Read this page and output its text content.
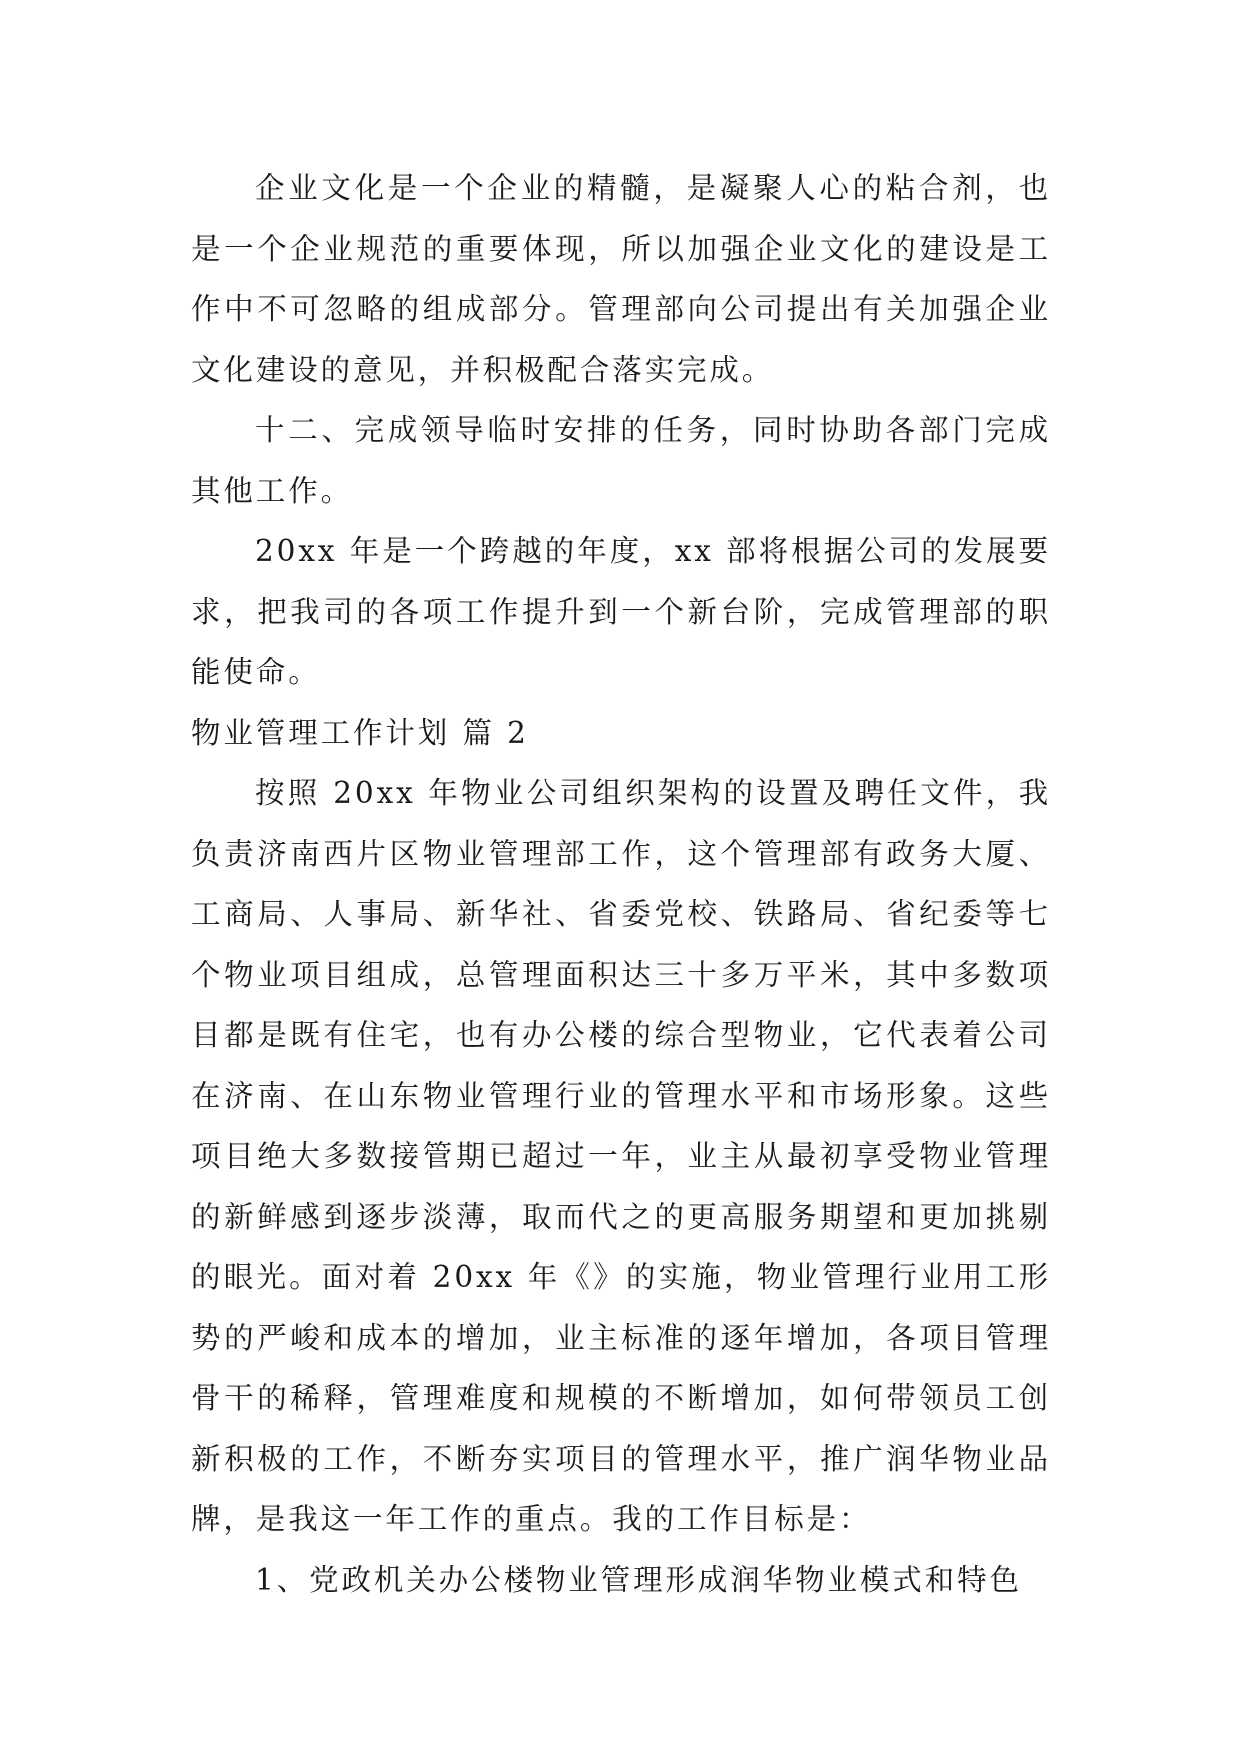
企业文化是一个企业的精髓，是凝聚人心的粘合剂，也是一个企业规范的重要体现，所以加强企业文化的建设是工作中不可忽略的组成部分。管理部向公司提出有关加强企业文化建设的意见，并积极配合落实完成。

十二、完成领导临时安排的任务，同时协助各部门完成其他工作。

20xx 年是一个跨越的年度，xx 部将根据公司的发展要求，把我司的各项工作提升到一个新台阶，完成管理部的职能使命。

物业管理工作计划 篇 2

按照 20xx 年物业公司组织架构的设置及聘任文件，我负责济南西片区物业管理部工作，这个管理部有政务大厦、工商局、人事局、新华社、省委党校、铁路局、省纪委等七个物业项目组成，总管理面积达三十多万平米，其中多数项目都是既有住宅，也有办公楼的综合型物业，它代表着公司在济南、在山东物业管理行业的管理水平和市场形象。这些项目绝大多数接管期已超过一年，业主从最初享受物业管理的新鲜感到逐步淡薄，取而代之的更高服务期望和更加挑剔的眼光。面对着 20xx 年《》的实施，物业管理行业用工形势的严峻和成本的增加，业主标准的逐年增加，各项目管理骨干的稀释，管理难度和规模的不断增加，如何带领员工创新积极的工作，不断夯实项目的管理水平，推广润华物业品牌，是我这一年工作的重点。我的工作目标是：

1、党政机关办公楼物业管理形成润华物业模式和特色
